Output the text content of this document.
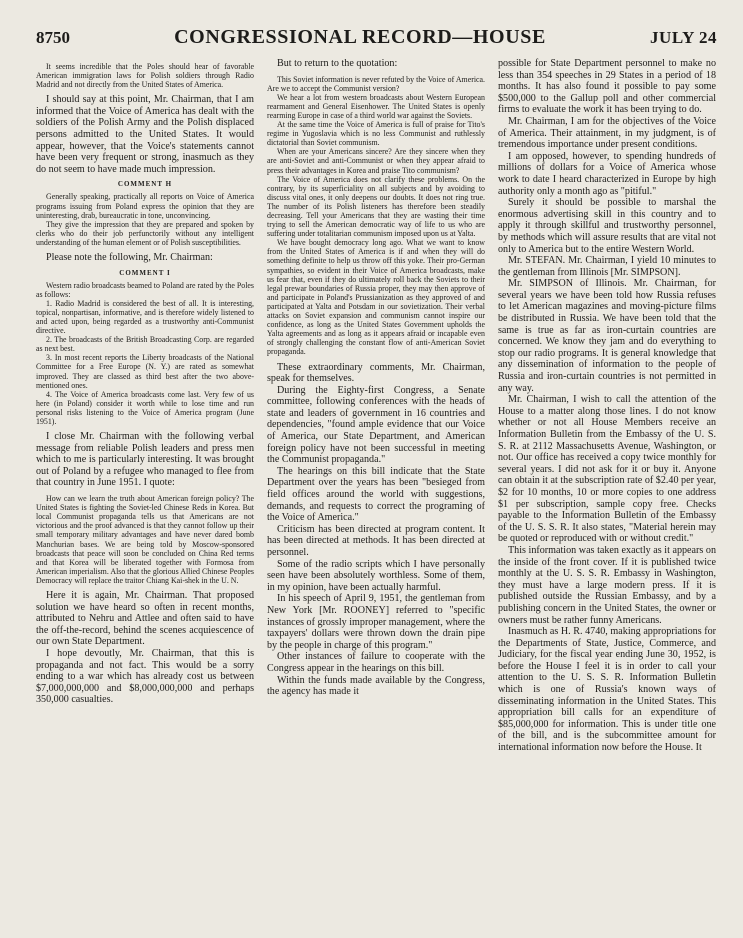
8750	CONGRESSIONAL RECORD—HOUSE	JULY 24

It seems incredible that the Poles should hear of favorable American immigration laws for Polish soldiers through Radio Madrid and not directly from the United States of America.

I should say at this point, Mr. Chairman, that I am informed that the Voice of America has dealt with the soldiers of the Polish Army and the Polish displaced persons admitted to the United States. It would appear, however, that the Voice's statements cannot have been very frequent or strong, inasmuch as they do not seem to have made much impression.

COMMENT H

Generally speaking, practically all reports on Voice of America programs issuing from Poland express the opinion that they are uninteresting, drab, bureaucratic in tone, unconvincing.

They give the impression that they are prepared and spoken by clerks who do their job perfunctorily without any intelligent understanding of the human element or of Polish susceptibilities.

Please note the following, Mr. Chairman:

COMMENT I

Western radio broadcasts beamed to Poland are rated by the Poles as follows:

1. Radio Madrid is considered the best of all. It is interesting, topical, nonpartisan, informative, and is therefore widely listened to and acted upon, being regarded as a trustworthy anti-Communist directive.

2. The broadcasts of the British Broadcasting Corp. are regarded as next best.

3. In most recent reports the Liberty broadcasts of the National Committee for a Free Europe (N. Y.) are rated as somewhat improved. They are classed as third best after the two above-mentioned ones.

4. The Voice of America broadcasts come last. Very few of us here (in Poland) consider it worth while to lose time and run personal risks listening to the Voice of America program (June 1951).

I close Mr. Chairman with the following verbal message from reliable Polish leaders and press men which to me is particularly interesting. It was brought out of Poland by a refugee who managed to flee from that country in June 1951. I quote:

How can we learn the truth about American foreign policy? The United States is fighting the Soviet-led Chinese Reds in Korea. But local Communist propaganda tells us that Americans are not victorious and the proof advanced is that they cannot follow up their small temporary military advantages and have never dared bomb Manchurian bases. We are being told by Moscow-sponsored broadcasts that peace will soon be concluded on China Red terms and that Korea will be liberated together with Formosa from American imperialism. Also that the glorious Allied Chinese Peoples Democracy will replace the traitor Chiang Kai-shek in the U. N.

Here it is again, Mr. Chairman. That proposed solution we have heard so often in recent months, attributed to Nehru and Attlee and often said to have the off-the-record, behind the scenes acquiescence of our own State Department.

I hope devoutly, Mr. Chairman, that this is propaganda and not fact. This would be a sorry ending to a war which has already cost us between $7,000,000,000 and $8,000,000,000 and perhaps 350,000 casualties.

But to return to the quotation:

This Soviet information is never refuted by the Voice of America. Are we to accept the Communist version?

We hear a lot from western broadcasts about Western European rearmament and General Eisenhower. The United States is openly rearming Europe in case of a third world war against the Soviets.

At the same time the Voice of America is full of praise for Tito's regime in Yugoslavia which is no less Communist and ruthlessly dictatorial than Soviet communism.

When are your Americans sincere? Are they sincere when they are anti-Soviet and anti-Communist or when they appear afraid to press their advantages in Korea and praise Tito communism?

The Voice of America does not clarify these problems. On the contrary, by its superficiality on all subjects and by avoiding to discuss vital ones, it only deepens our doubts. It does not ring true. The number of its Polish listeners has therefore been steadily decreasing. Tell your Americans that they are wasting their time trying to sell the American democratic way of life to us who are suffering under totalitarian communism imposed upon us at Yalta.

We have bought democracy long ago. What we want to know from the United States of America is if and when they will do something definite to help us throw off this yoke. Their pro-German sympathies, so evident in their Voice of America broadcasts, make us fear that, even if they do ultimately roll back the Soviets to their legal prewar boundaries of Russia proper, they may then approve of and participate in Poland's Prussianization as they approved of and participated at Yalta and Potsdam in our sovietization. Their verbal attacks on Soviet expansion and communism cannot inspire our confidence, as long as the United States Government upholds the Yalta agreements and as long as it appears afraid or incapable even of strongly challenging the constant flow of anti-American Soviet propaganda.

These extraordinary comments, Mr. Chairman, speak for themselves.

During the Eighty-first Congress, a Senate committee, following conferences with the heads of state and leaders of government in 16 countries and dependencies, "found ample evidence that our Voice of America, our State Department, and American foreign policy have not been successful in meeting the Communist propaganda."

The hearings on this bill indicate that the State Department over the years has been "besieged from field offices around the world with suggestions, demands, and requests to correct the programing of the Voice of America."

Criticism has been directed at program content. It has been directed at methods. It has been directed at personnel.

Some of the radio scripts which I have personally seen have been absolutely worthless. Some of them, in my opinion, have been actually harmful.

In his speech of April 9, 1951, the gentleman from New York [Mr. ROONEY] referred to "specific instances of grossly improper management, where the taxpayers' dollars were thrown down the drain pipe by the people in charge of this program."

Other instances of failure to cooperate with the Congress appear in the hearings on this bill.

Within the funds made available by the Congress, the agency has made it

possible for State Department personnel to make no less than 354 speeches in 29 States in a period of 18 months. It has also found it possible to pay some $500,000 to the Gallup poll and other commercial firms to evaluate the work it has been trying to do.

Mr. Chairman, I am for the objectives of the Voice of America. Their attainment, in my judgment, is of tremendous importance under present conditions.

I am opposed, however, to spending hundreds of millions of dollars for a Voice of America whose work to date I heard characterized in Europe by high authority only a month ago as "pitiful."

Surely it should be possible to marshal the enormous advertising skill in this country and to apply it through skillful and trustworthy personnel, by methods which will assure results that are vital not only to America but to the entire Western World.

Mr. STEFAN. Mr. Chairman, I yield 10 minutes to the gentleman from Illinois [Mr. SIMPSON].

Mr. SIMPSON of Illinois. Mr. Chairman, for several years we have been told how Russia refuses to let American magazines and moving-picture films be distributed in Russia. We have been told that the same is true as far as iron-curtain countries are concerned. We know they jam and do everything to stop our radio programs. It is general knowledge that any dissemination of information to the people of Russia and iron-curtain countries is not permitted in any way.

Mr. Chairman, I wish to call the attention of the House to a matter along those lines. I do not know whether or not all House Members receive an Information Bulletin from the Embassy of the U. S. S. R. at 2112 Massachusetts Avenue, Washington, or not. Our office has received a copy twice monthly for several years. I did not ask for it or buy it. Anyone can obtain it at the subscription rate of $2.40 per year, $2 for 10 months, 10 or more copies to one address $1 per subscription, sample copy free. Checks payable to the Information Bulletin of the Embassy of the U. S. S. R. It also states, "Material herein may be quoted or reproduced with or without credit."

This information was taken exactly as it appears on the inside of the front cover. If it is published twice monthly at the U. S. S. R. Embassy in Washington, they must have a large modern press. If it is published outside the Russian Embassy, and by a publishing concern in the United States, the owner or owners must be rather funny Americans.

Inasmuch as H. R. 4740, making appropriations for the Departments of State, Justice, Commerce, and Judiciary, for the fiscal year ending June 30, 1952, is before the House I feel it is in order to call your attention to the U. S. S. R. Information Bulletin which is one of Russia's known ways of disseminating information in the United States. This appropriation bill calls for an expenditure of $85,000,000 for information. This is under title one of the bill, and is the subcommittee amount for international information now before the House. It
